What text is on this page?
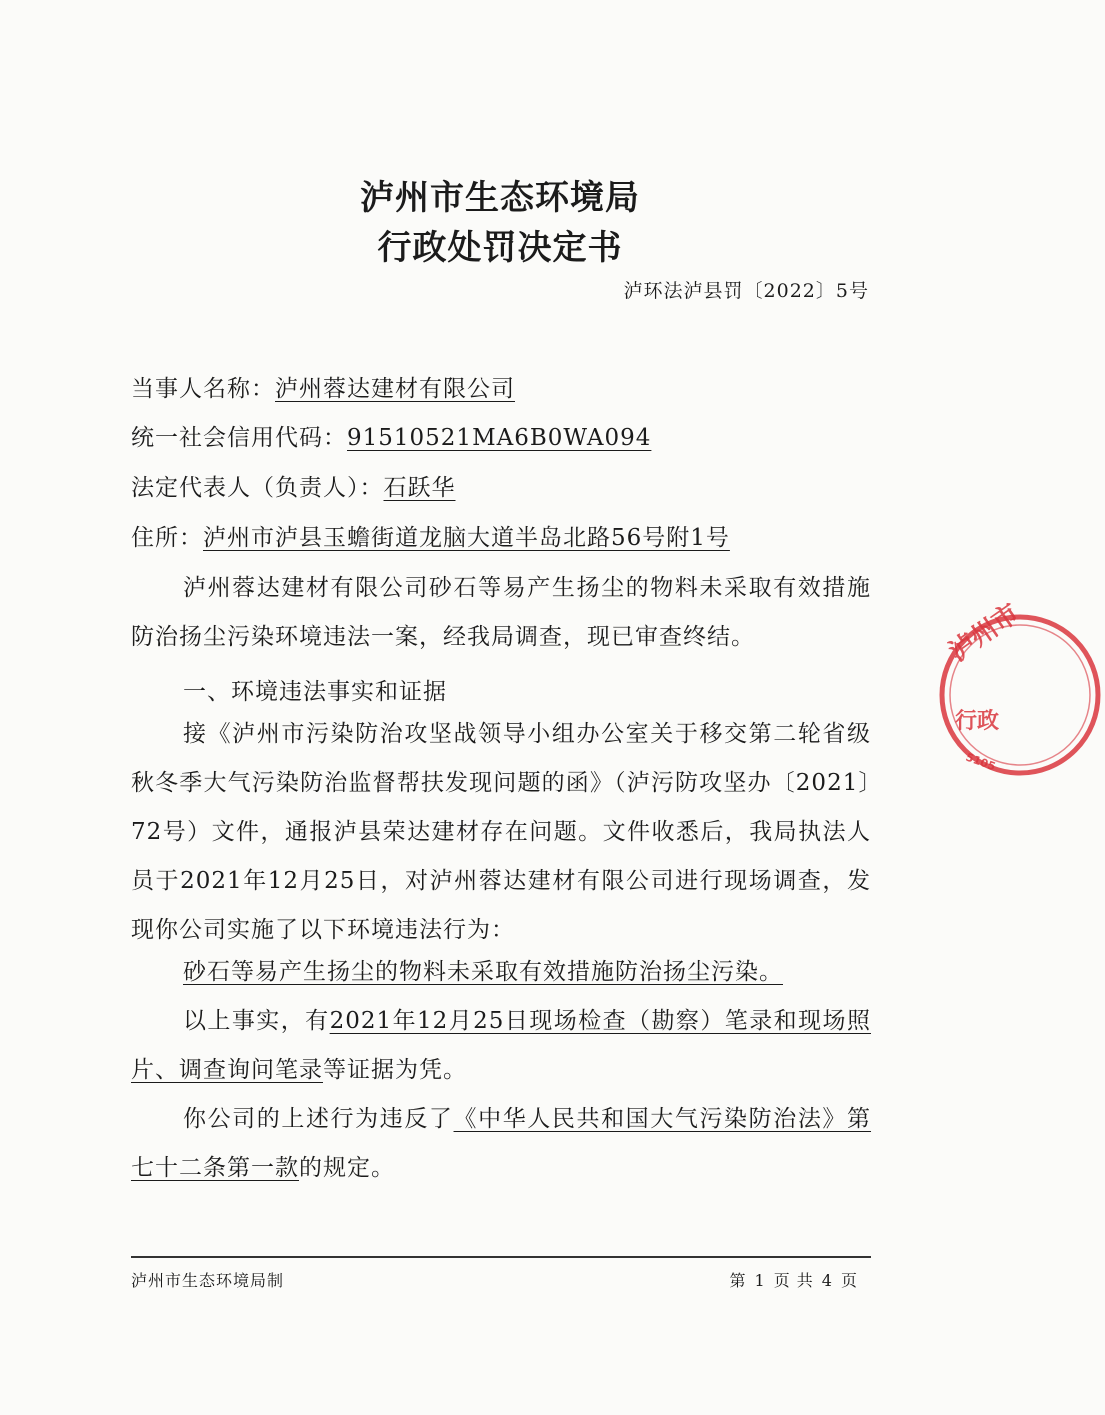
泸州市生态环境局
行政处罚决定书
泸环法泸县罚〔2022〕5号
当事人名称：泸州蓉达建材有限公司
统一社会信用代码：91510521MA6B0WA094
法定代表人（负责人）：石跃华
住所：泸州市泸县玉蟾街道龙脑大道半岛北路56号附1号
泸州蓉达建材有限公司砂石等易产生扬尘的物料未采取有效措施防治扬尘污染环境违法一案，经我局调查，现已审查终结。
一、环境违法事实和证据
接《泸州市污染防治攻坚战领导小组办公室关于移交第二轮省级秋冬季大气污染防治监督帮扶发现问题的函》（泸污防攻坚办〔2021〕72号）文件，通报泸县荣达建材存在问题。文件收悉后，我局执法人员于2021年12月25日，对泸州蓉达建材有限公司进行现场调查，发现你公司实施了以下环境违法行为：
砂石等易产生扬尘的物料未采取有效措施防治扬尘污染。
以上事实，有2021年12月25日现场检查（勘察）笔录和现场照片、调查询问笔录等证据为凭。
你公司的上述行为违反了《中华人民共和国大气污染防治法》第七十二条第一款的规定。
泸州市生态环境局制	第 1 页 共 4 页
泸州市
行政
5105
